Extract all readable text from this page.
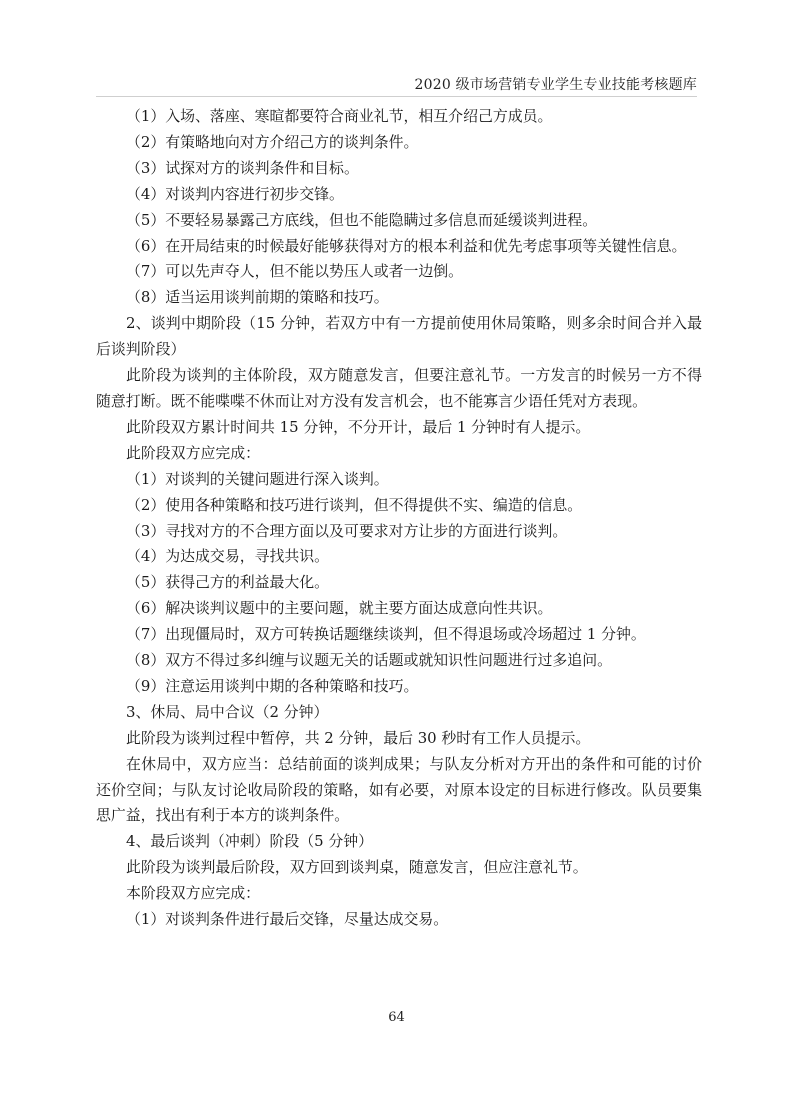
2020 级市场营销专业学生专业技能考核题库

（1）入场、落座、寒暄都要符合商业礼节，相互介绍己方成员。

（2）有策略地向对方介绍己方的谈判条件。

（3）试探对方的谈判条件和目标。

（4）对谈判内容进行初步交锋。

（5）不要轻易暴露己方底线，但也不能隐瞒过多信息而延缓谈判进程。

（6）在开局结束的时候最好能够获得对方的根本利益和优先考虑事项等关键性信息。

（7）可以先声夺人，但不能以势压人或者一边倒。

（8）适当运用谈判前期的策略和技巧。

2、谈判中期阶段（15 分钟，若双方中有一方提前使用休局策略，则多余时间合并入最后谈判阶段）

此阶段为谈判的主体阶段，双方随意发言，但要注意礼节。一方发言的时候另一方不得随意打断。既不能喋喋不休而让对方没有发言机会，也不能寡言少语任凭对方表现。

此阶段双方累计时间共 15 分钟，不分开计，最后 1 分钟时有人提示。

此阶段双方应完成：

（1）对谈判的关键问题进行深入谈判。

（2）使用各种策略和技巧进行谈判，但不得提供不实、编造的信息。

（3）寻找对方的不合理方面以及可要求对方让步的方面进行谈判。

（4）为达成交易，寻找共识。

（5）获得己方的利益最大化。

（6）解决谈判议题中的主要问题，就主要方面达成意向性共识。

（7）出现僵局时，双方可转换话题继续谈判，但不得退场或冷场超过 1 分钟。

（8）双方不得过多纠缠与议题无关的话题或就知识性问题进行过多追问。

（9）注意运用谈判中期的各种策略和技巧。

3、休局、局中合议（2 分钟）

此阶段为谈判过程中暂停，共 2 分钟，最后 30 秒时有工作人员提示。

在休局中，双方应当：总结前面的谈判成果；与队友分析对方开出的条件和可能的讨价还价空间；与队友讨论收局阶段的策略，如有必要，对原本设定的目标进行修改。队员要集思广益，找出有利于本方的谈判条件。

4、最后谈判（冲刺）阶段（5 分钟）

此阶段为谈判最后阶段，双方回到谈判桌，随意发言，但应注意礼节。

本阶段双方应完成：

（1）对谈判条件进行最后交锋，尽量达成交易。

64
